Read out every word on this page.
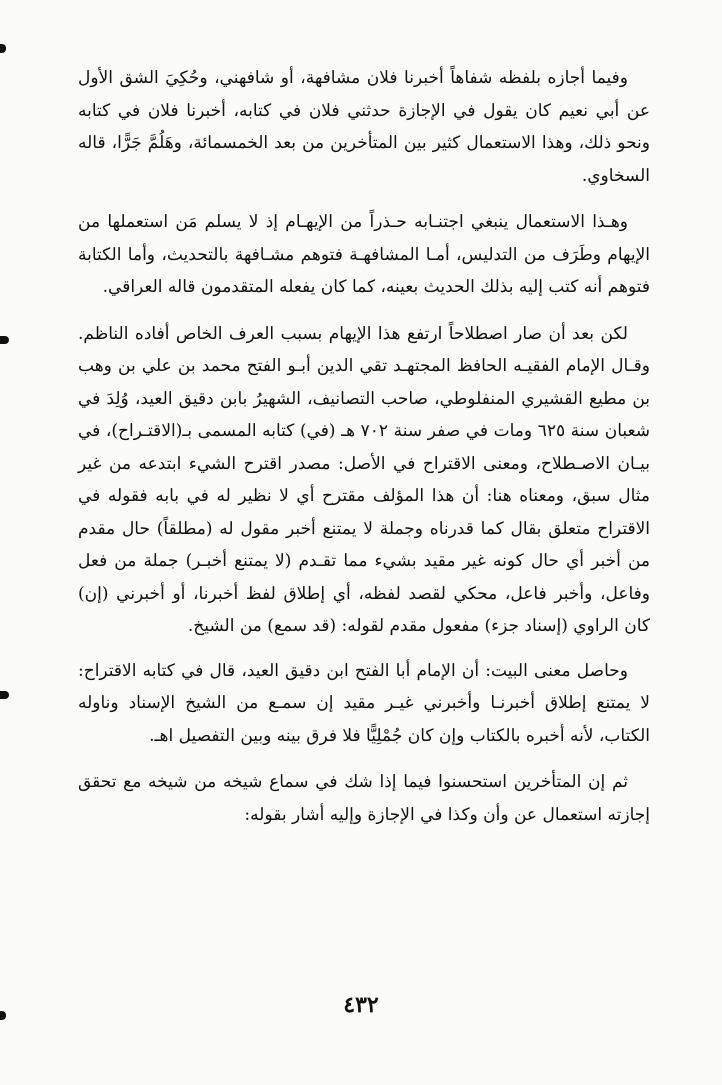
وفيما أجازه بلفظه شفاهاً أخبرنا فلان مشافهة، أو شافهني، وحُكِيَ الشق الأول عن أبي نعيم كان يقول في الإجازة حدثني فلان في كتابه، أخبرنا فلان في كتابه ونحو ذلك، وهذا الاستعمال كثير بين المتأخرين من بعد الخمسمائة، وهَلُمَّ جَرًّا، قاله السخاوي.

وهـذا الاستعمال ينبغي اجتنـابه حـذراً من الإيهـام إذ لا يسلم مَن استعملها من الإيهام وطَرَف من التدليس، أمـا المشافهـة فتوهم مشـافهة بالتحديث، وأما الكتابة فتوهم أنه كتب إليه بذلك الحديث بعينه، كما كان يفعله المتقدمون قاله العراقي.

لكن بعد أن صار اصطلاحاً ارتفع هذا الإيهام بسبب العرف الخاص أفاده الناظم. وقـال الإمام الفقيـه الحافظ المجتهـد تقي الدين أبـو الفتح محمد بن علي بن وهب بن مطيع القشيري المنفلوطي، صاحب التصانيف، الشهيرُ بابن دقيق العيد، وُلِدَ في شعبان سنة ٦٢٥ ومات في صفر سنة ٧٠٢ هـ (في) كتابه المسمى بـ(الاقتـراح)، في بيـان الاصـطلاح، ومعنى الاقتراح في الأصل: مصدر اقترح الشيء ابتدعه من غير مثال سبق، ومعناه هنا: أن هذا المؤلف مقترح أي لا نظير له في بابه فقوله في الاقتراح متعلق بقال كما قدرناه وجملة لا يمتنع أخبر مقول له (مطلقاً) حال مقدم من أخبر أي حال كونه غير مقيد بشيء مما تقـدم (لا يمتنع أخبـر) جملة من فعل وفاعل، وأخبر فاعل، محكي لقصد لفظه، أي إطلاق لفظ أخبرنا، أو أخبرني (إن) كان الراوي (إسناد جزء) مفعول مقدم لقوله: (قد سمع) من الشيخ.

وحاصل معنى البيت: أن الإمام أبا الفتح ابن دقيق العيد، قال في كتابه الاقتراح: لا يمتنع إطلاق أخبرنـا وأخبرني غيـر مقيد إن سمـع من الشيخ الإسناد وناوله الكتاب، لأنه أخبره بالكتاب وإن كان جُمْلِيًّا فلا فرق بينه وبين التفصيل اهـ.

ثم إن المتأخرين استحسنوا فيما إذا شك في سماع شيخه من شيخه مع تحقق إجازته استعمال عن وأن وكذا في الإجازة وإليه أشار بقوله:

٤٣٢
